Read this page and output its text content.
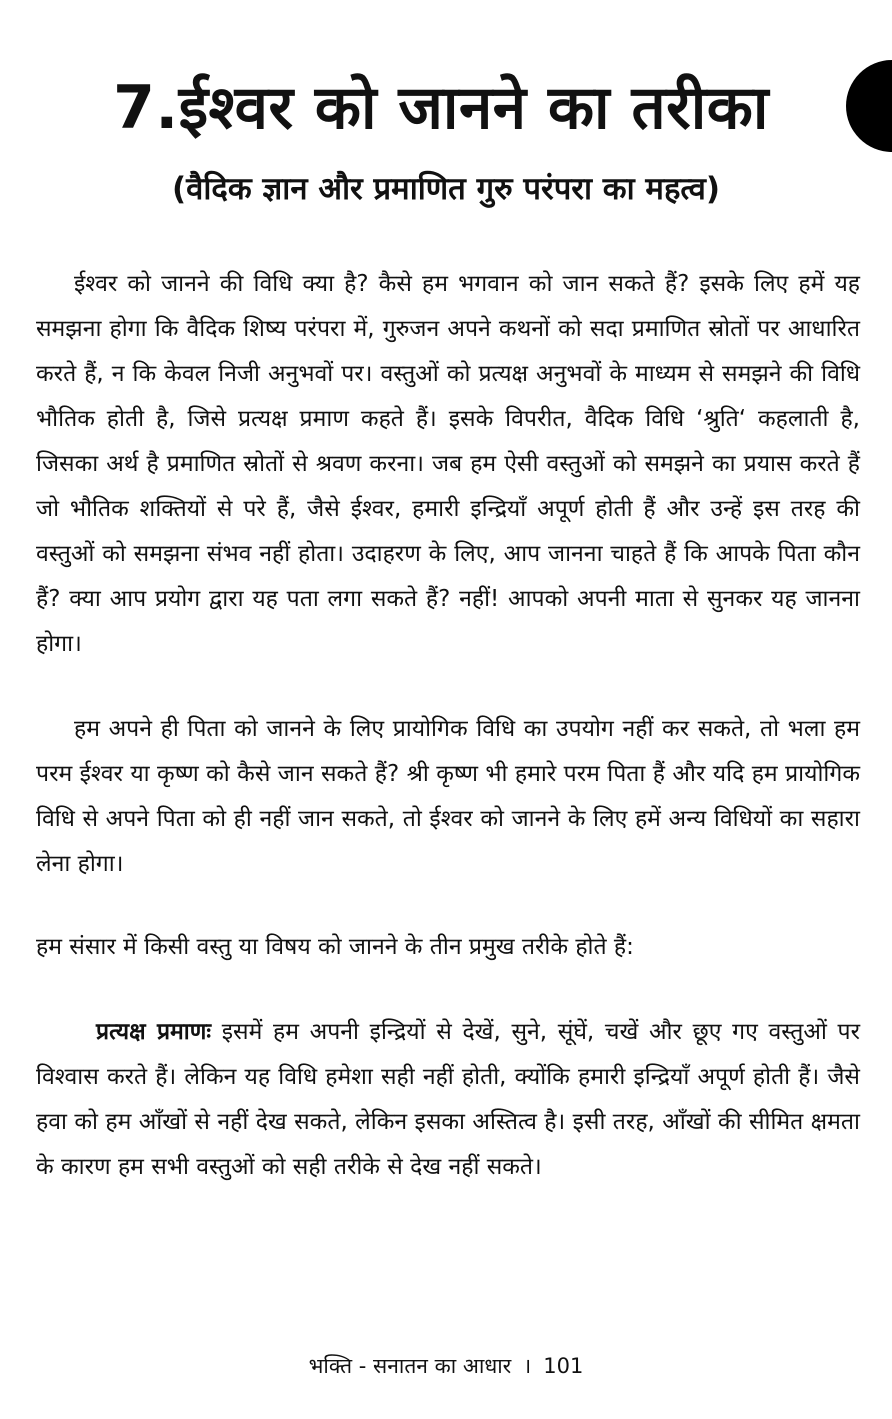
7.ईश्वर को जानने का तरीका
(वैदिक ज्ञान और प्रमाणित गुरु परंपरा का महत्व)

ईश्वर को जानने की विधि क्या है? कैसे हम भगवान को जान सकते हैं? इसके लिए हमें यह समझना होगा कि वैदिक शिष्य परंपरा में, गुरुजन अपने कथनों को सदा प्रमाणित स्रोतों पर आधारित करते हैं, न कि केवल निजी अनुभवों पर। वस्तुओं को प्रत्यक्ष अनुभवों के माध्यम से समझने की विधि भौतिक होती है, जिसे प्रत्यक्ष प्रमाण कहते हैं। इसके विपरीत, वैदिक विधि ‘श्रुति‘ कहलाती है, जिसका अर्थ है प्रमाणित स्रोतों से श्रवण करना। जब हम ऐसी वस्तुओं को समझने का प्रयास करते हैं जो भौतिक शक्तियों से परे हैं, जैसे ईश्वर, हमारी इन्द्रियाँ अपूर्ण होती हैं और उन्हें इस तरह की वस्तुओं को समझना संभव नहीं होता। उदाहरण के लिए, आप जानना चाहते हैं कि आपके पिता कौन हैं? क्या आप प्रयोग द्वारा यह पता लगा सकते हैं? नहीं! आपको अपनी माता से सुनकर यह जानना होगा।

हम अपने ही पिता को जानने के लिए प्रायोगिक विधि का उपयोग नहीं कर सकते, तो भला हम परम ईश्वर या कृष्ण को कैसे जान सकते हैं? श्री कृष्ण भी हमारे परम पिता हैं और यदि हम प्रायोगिक विधि से अपने पिता को ही नहीं जान सकते, तो ईश्वर को जानने के लिए हमें अन्य विधियों का सहारा लेना होगा।

हम संसार में किसी वस्तु या विषय को जानने के तीन प्रमुख तरीके होते हैं:

प्रत्यक्ष प्रमाणः इसमें हम अपनी इन्द्रियों से देखें, सुने, सूंघें, चखें और छूए गए वस्तुओं पर विश्वास करते हैं। लेकिन यह विधि हमेशा सही नहीं होती, क्योंकि हमारी इन्द्रियाँ अपूर्ण होती हैं। जैसे हवा को हम आँखों से नहीं देख सकते, लेकिन इसका अस्तित्व है। इसी तरह, आँखों की सीमित क्षमता के कारण हम सभी वस्तुओं को सही तरीके से देख नहीं सकते।

भक्ति - सनातन का आधार । 101
